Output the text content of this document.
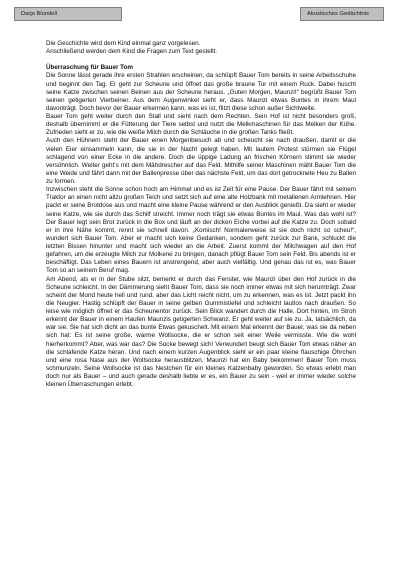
Darja Blundell	Akustisches Gedächtnis

Die Geschichte wird dem Kind einmal ganz vorgelesen.

Anschließend werden dem Kind die Fragen zum Text gestellt.

Überraschung für Bauer Tom

Die Sonne lässt gerade ihre ersten Strahlen erscheinen, da schlüpft Bauer Tom bereits in seine Arbeitsschuhe und beginnt den Tag. Er geht zur Scheune und öffnet das große braune Tor mit einem Ruck. Dabei huscht seine Katze zwischen seinen Beinen aus der Scheune heraus. „Guten Morgen, Maunzi!“ begrüßt Bauer Tom seinen getigerten Vierbeiner. Aus dem Augenwinkel sieht er, dass Maunzi etwas Buntes in ihrem Maul davonträgt. Doch bevor der Bauer erkennen kann, was es ist, flitzt diese schon außer Sichtweite.

Bauer Tom geht weiter durch den Stall und sieht nach dem Rechten. Sein Hof ist nicht besonders groß, deshalb übernimmt er die Fütterung der Tiere selbst und nutzt die Melkmaschinen für das Melken der Kühe. Zufrieden sieht er zu, wie die weiße Milch durch die Schläuche in die großen Tanks fließt.

Auch den Hühnern steht der Bauer einen Morgenbesuch ab und scheucht sie nach draußen, damit er die vielen Eier einsammeln kann, die sie in der Nacht gelegt haben. Mit lautem Protest stürmen sie Flügel schlagend von einer Ecke in die andere. Doch die üppige Ladung an frischen Körnern stimmt sie wieder versöhnlich. Weiter geht’s mit dem Mähdrescher auf das Feld. Mithilfe seiner Maschinen mäht Bauer Tom die eine Weide und fährt dann mit der Ballenpresse über das nächste Feld, um das dort getrocknete Heu zu Ballen zu formen.

Inzwischen steht die Sonne schon hoch am Himmel und es ist Zeit für eine Pause. Der Bauer fährt mit seinem Traktor an einen nicht allzu großen Teich und setzt sich auf eine alte Holzbank mit metallenen Armlehnen. Hier packt er seine Brotdose aus und macht eine kleine Pause während er den Ausblick genießt. Da sieht er wieder seine Katze, wie sie durch das Schilf streicht. Immer noch trägt sie etwas Buntes im Maul. Was das wohl ist? Der Bauer legt sein Brot zurück in die Box und läuft an der dicken Eiche vorbei auf die Katze zu. Doch sobald er in ihre Nähe kommt, rennt sie schnell davon. „Komisch! Normalerweise ist sie doch nicht so scheu!“, wundert sich Bauer Tom. Aber er macht sich keine Gedanken, sondern geht zurück zur Bank, schluckt die letzten Bissen hinunter und macht sich wieder an die Arbeit. Zuerst kommt der Milchwagen auf den Hof gefahren, um die erzeugte Milch zur Molkerei zu bringen, danach pflügt Bauer Tom sein Feld. Bis abends ist er beschäftigt. Das Leben eines Bauern ist anstrengend, aber auch vielfältig. Und genau das ist es, was Bauer Tom so an seinem Beruf mag.

Am Abend, als er in der Stube sitzt, bemerkt er durch das Fenster, wie Maunzi über den Hof zurück in die Scheune schleicht. In der Dämmerung sieht Bauer Tom, dass sie noch immer etwas mit sich herumträgt. Zwar scheint der Mond heute hell und rund, aber das Licht reicht nicht, um zu erkennen, was es ist. Jetzt packt ihn die Neugier. Hastig schlüpft der Bauer in seine gelben Gummistiefel und schleicht lautlos nach draußen. So leise wie möglich öffnet er das Scheunentor zurück. Sein Blick wandert durch die Halle. Dort hinten, im Stroh erkennt der Bauer in einem Haufen Maunzis getigerten Schwanz. Er geht weiter auf sie zu. Ja, tatsächlich, da war sie. Sie hat sich dicht an das bunte Etwas gekuschelt. Mit einem Mal erkennt der Bauer, was sie da neben sich hat: Es ist seine große, warme Wollsocke, die er schon seit einer Weile vermisste. Wie die wohl hierherkommt? Aber, was war das? Die Socke bewegt sich! Verwundert beugt sich Bauer Tom etwas näher an die schlafende Katze heran. Und nach einem kurzen Augenblick sieht er ein paar kleine flauschige Öhrchen und eine rosa Nase aus der Wollsocke herausblitzen. Maunzi hat ein Baby bekommen! Bauer Tom muss schmunzeln. Seine Wollsocke ist das Nestchen für ein kleines Katzenbaby geworden. So etwas erlebt man doch nur als Bauer – und auch gerade deshalb liebte er es, ein Bauer zu sein - weil er immer wieder solche kleinen Überraschungen erlebt.
